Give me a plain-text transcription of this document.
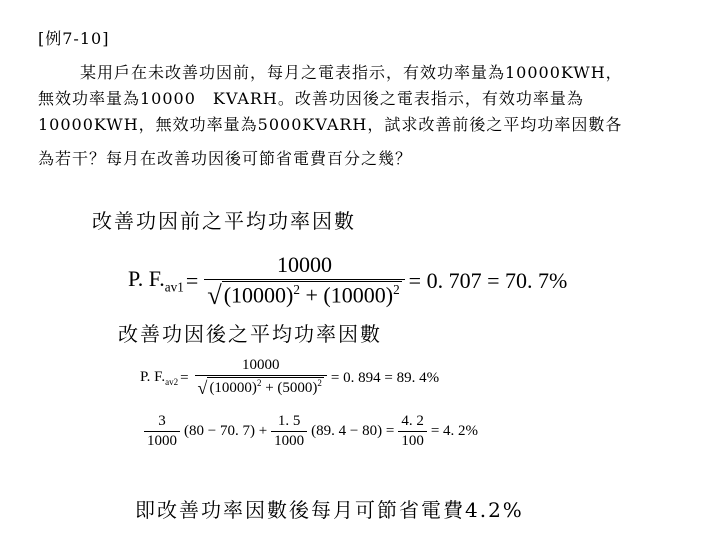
[例7-10]
某用戶在未改善功因前，每月之電表指示，有效功率量為10000KWH，
無效功率量為10000　KVARH。改善功因後之電表指示，有效功率量為
10000KWH，無效功率量為5000KVARH，試求改善前後之平均功率因數各
為若干？每月在改善功因後可節省電費百分之幾？
改善功因前之平均功率因數
P. $F._{av1} = \frac{10000}{√ (10000)^2 + (10000)^2} = 0$. 707 = 70. 7%
改善功因後之平均功率因數
P. $F._{av2} = \frac{10000}{√ (10000)^2 + (5000)^2} = 0$. 894 = 89. 4%
$\frac{3}{1000} (80 - 70$. $7) + \frac{1. 5}{1000} (89$. $4 - 80) = \frac{4. 2}{100} = 4$. 2%
即改善功率因數後每月可節省電費4.2%
